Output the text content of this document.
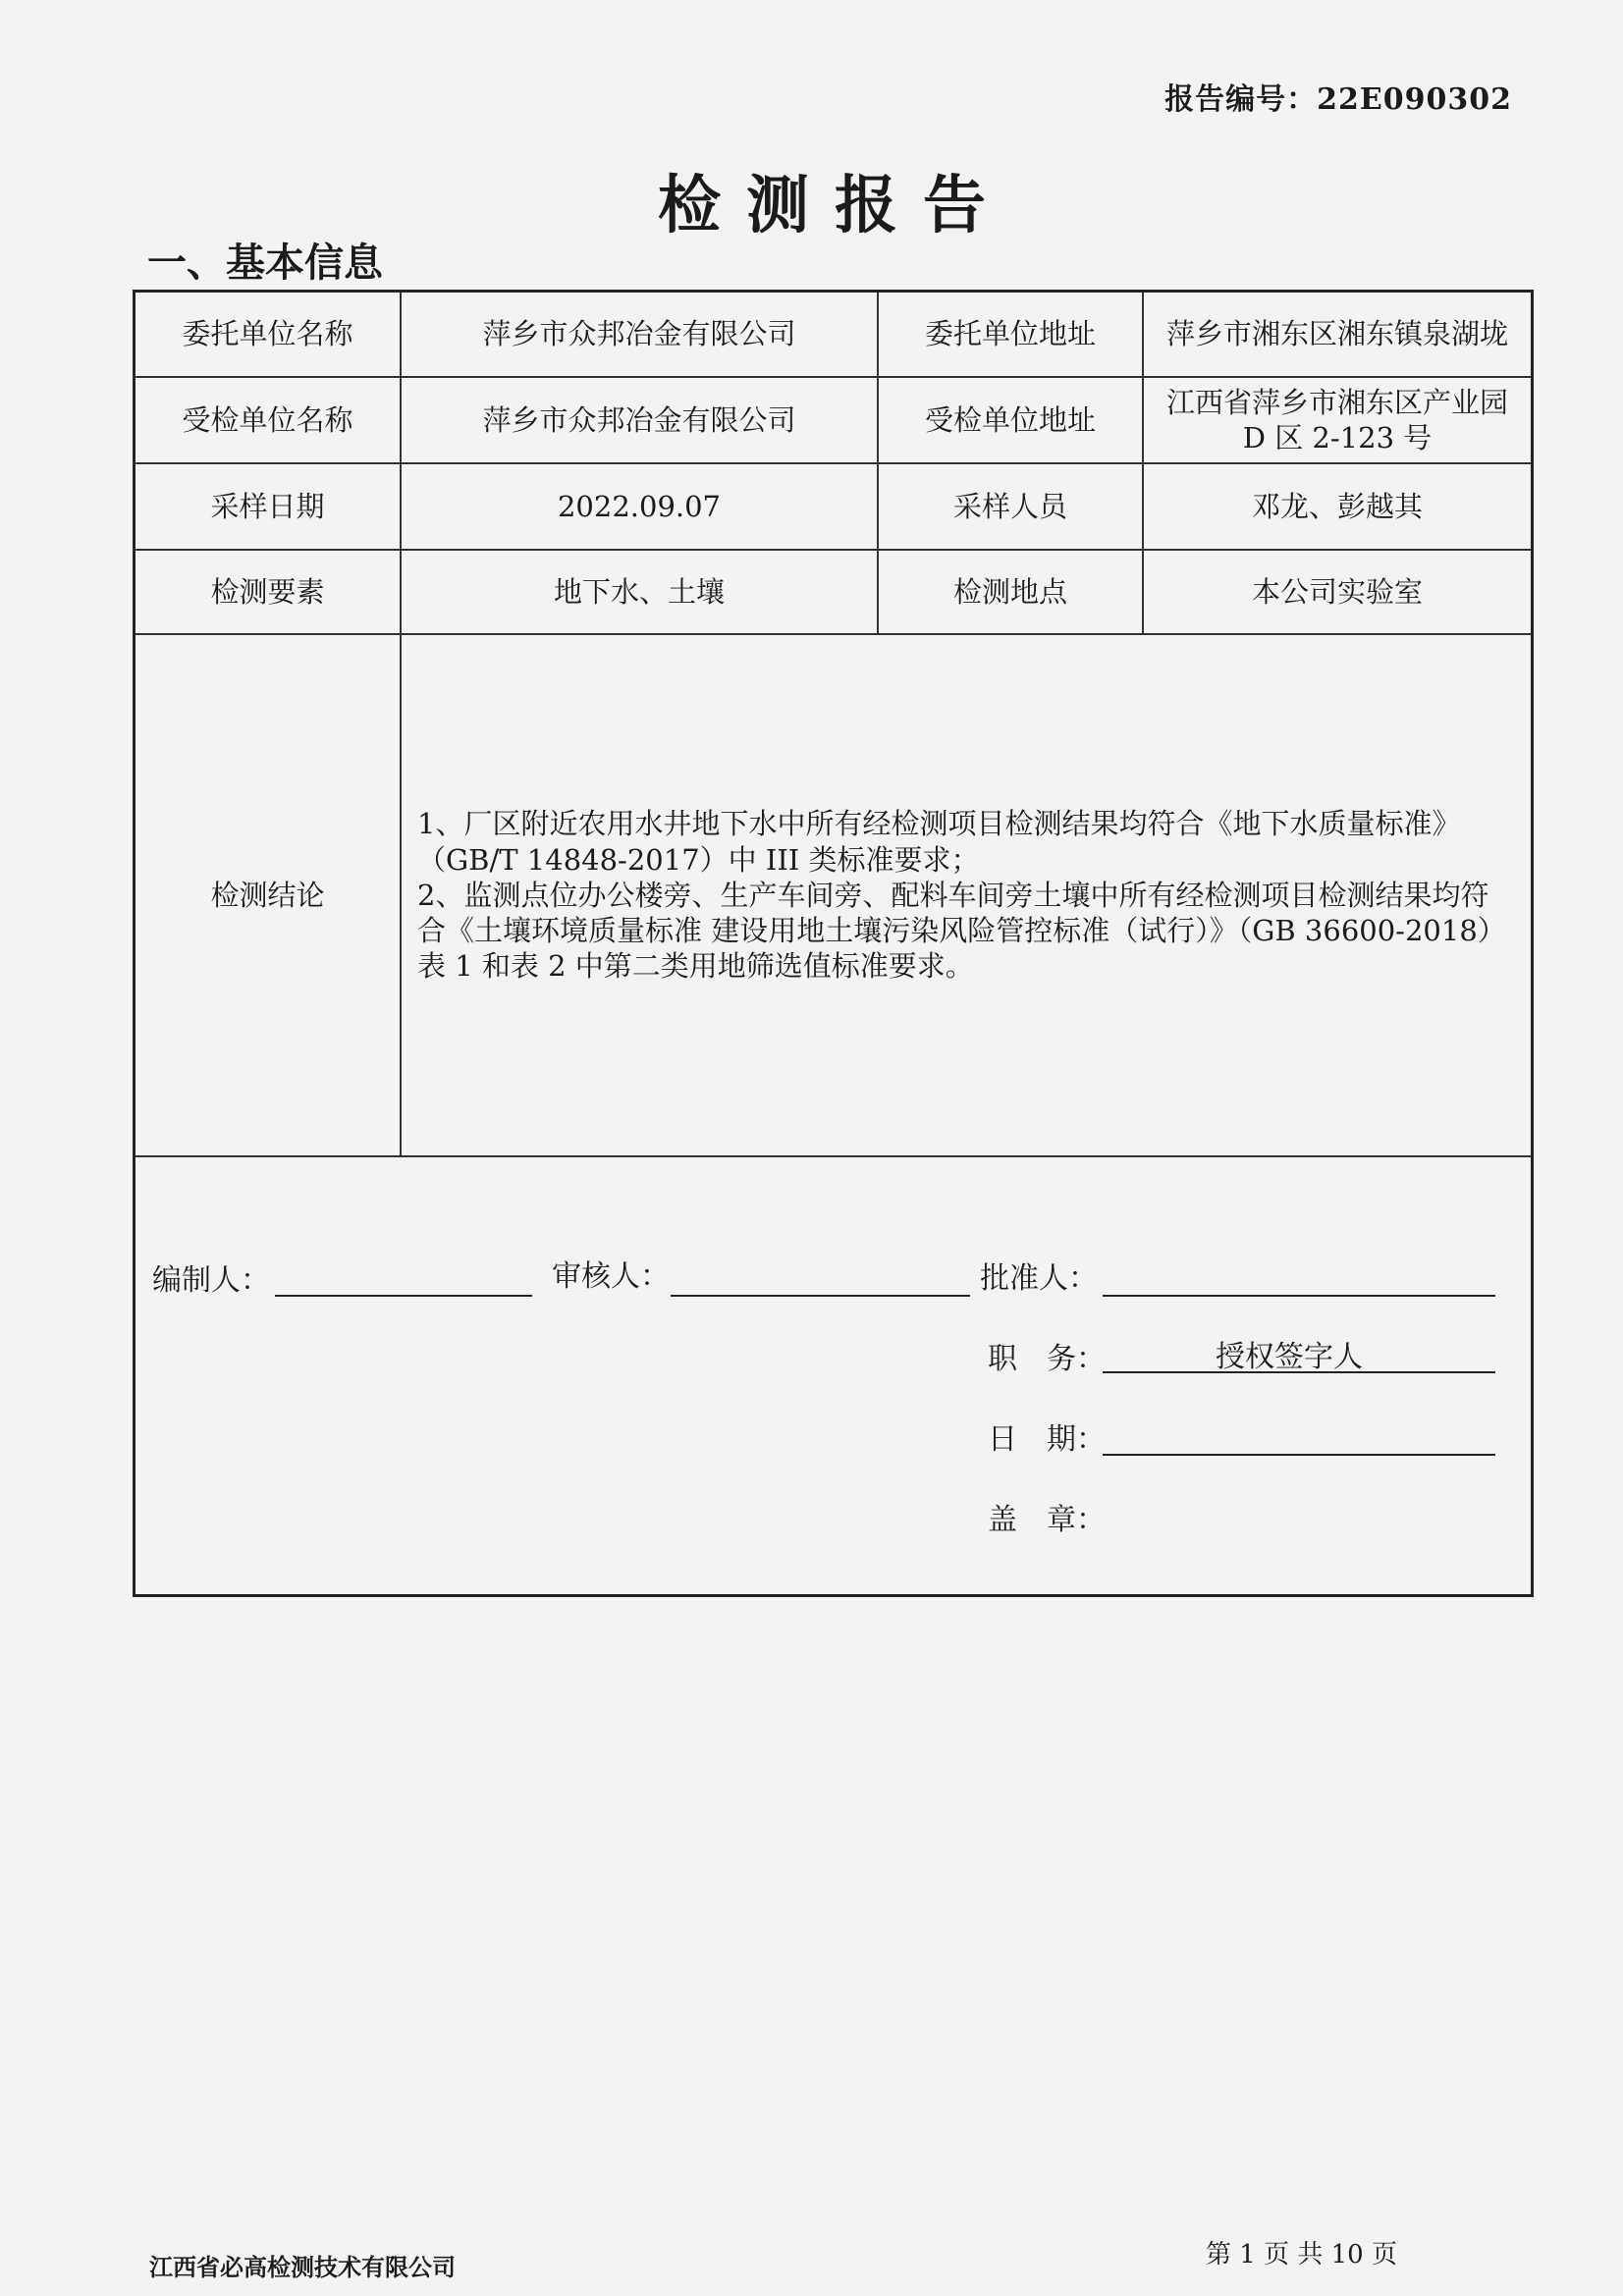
报告编号：22E090302
检测报告
一、基本信息
委托单位名称	萍乡市众邦冶金有限公司	委托单位地址	萍乡市湘东区湘东镇泉湖垅
受检单位名称	萍乡市众邦冶金有限公司	受检单位地址	江西省萍乡市湘东区产业园
D 区 2-123 号

采样日期	2022.09.07	采样人员	邓龙、彭越其
检测要素	地下水、土壤	检测地点	本公司实验室
检测结论	1、厂区附近农用水井地下水中所有经检测项目检测结果均符合《地下水质量标准》

（GB/T 14848-2017）中 III 类标准要求；

2、监测点位办公楼旁、生产车间旁、配料车间旁土壤中所有经检测项目检测结果均符

合《土壤环境质量标准 建设用地土壤污染风险管控标准（试行）》（GB 36600-2018）

表 1 和表 2 中第二类用地筛选值标准要求。		

编制人：	审核人：	批准人：
职　务：	授权签字人
日　期：
盖　章：
江西省必高检测技术有限公司	第 1 页 共 10 页
